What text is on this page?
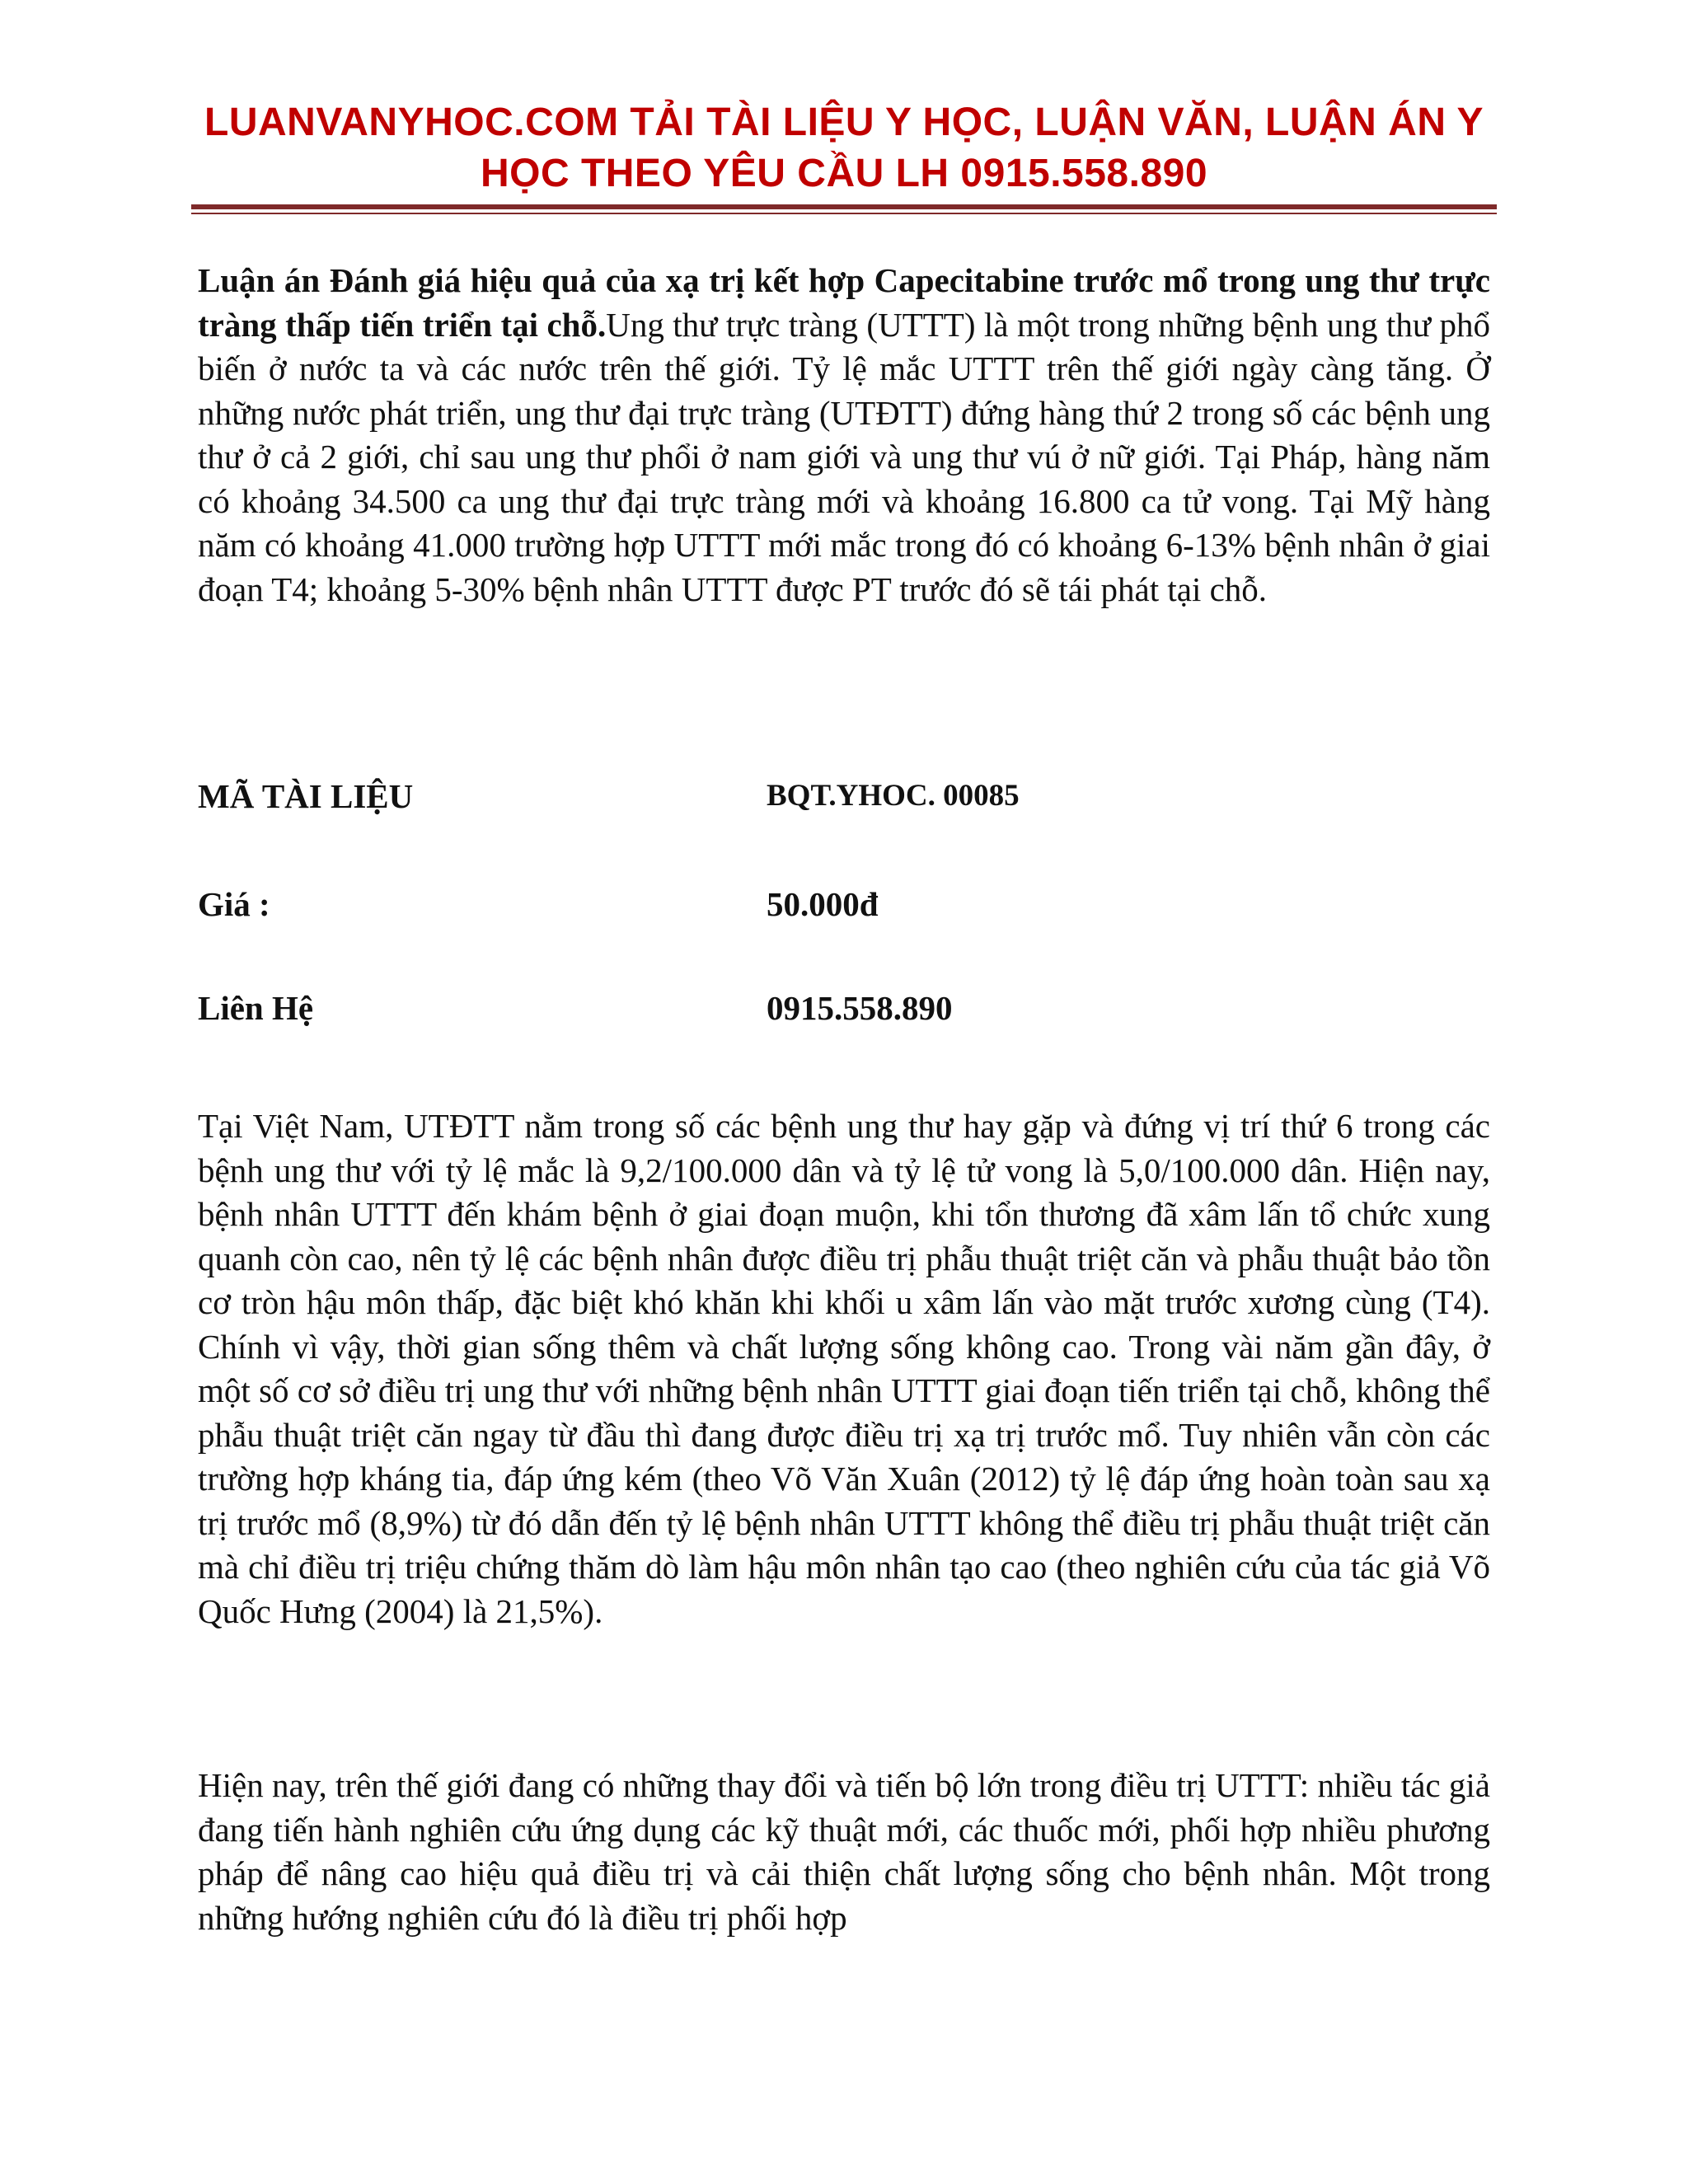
LUANVANYHOC.COM TẢI TÀI LIỆU Y HỌC, LUẬN VĂN, LUẬN ÁN Y
HỌC THEO YÊU CẦU LH 0915.558.890
Luận án Đánh giá hiệu quả của xạ trị kết hợp Capecitabine trước mổ trong ung thư trực tràng thấp tiến triển tại chỗ.Ung thư trực tràng (UTTT) là một trong những bệnh ung thư phổ biến ở nước ta và các nước trên thế giới. Tỷ lệ mắc UTTT trên thế giới ngày càng tăng. Ở những nước phát triển, ung thư đại trực tràng (UTĐTT) đứng hàng thứ 2 trong số các bệnh ung thư ở cả 2 giới, chỉ sau ung thư phổi ở nam giới và ung thư vú ở nữ giới. Tại Pháp, hàng năm có khoảng 34.500 ca ung thư đại trực tràng mới và khoảng 16.800 ca tử vong. Tại Mỹ hàng năm có khoảng 41.000 trường hợp UTTT mới mắc trong đó có khoảng 6-13% bệnh nhân ở giai đoạn T4; khoảng 5-30% bệnh nhân UTTT được PT trước đó sẽ tái phát tại chỗ.
MÃ TÀI LIỆU	BQT.YHOC. 00085
Giá :	50.000đ
Liên Hệ	0915.558.890
Tại Việt Nam, UTĐTT nằm trong số các bệnh ung thư hay gặp và đứng vị trí thứ 6 trong các bệnh ung thư với tỷ lệ mắc là 9,2/100.000 dân và tỷ lệ tử vong là 5,0/100.000 dân. Hiện nay, bệnh nhân UTTT đến khám bệnh ở giai đoạn muộn, khi tổn thương đã xâm lấn tổ chức xung quanh còn cao, nên tỷ lệ các bệnh nhân được điều trị phẫu thuật triệt căn và phẫu thuật bảo tồn cơ tròn hậu môn thấp, đặc biệt khó khăn khi khối u xâm lấn vào mặt trước xương cùng (T4). Chính vì vậy, thời gian sống thêm và chất lượng sống không cao. Trong vài năm gần đây, ở một số cơ sở điều trị ung thư với những bệnh nhân UTTT giai đoạn tiến triển tại chỗ, không thể phẫu thuật triệt căn ngay từ đầu thì đang được điều trị xạ trị trước mổ. Tuy nhiên vẫn còn các trường hợp kháng tia, đáp ứng kém (theo Võ Văn Xuân (2012) tỷ lệ đáp ứng hoàn toàn sau xạ trị trước mổ (8,9%) từ đó dẫn đến tỷ lệ bệnh nhân UTTT không thể điều trị phẫu thuật triệt căn mà chỉ điều trị triệu chứng thăm dò làm hậu môn nhân tạo cao (theo nghiên cứu của tác giả Võ Quốc Hưng (2004) là 21,5%).
Hiện nay, trên thế giới đang có những thay đổi và tiến bộ lớn trong điều trị UTTT: nhiều tác giả đang tiến hành nghiên cứu ứng dụng các kỹ thuật mới, các thuốc mới, phối hợp nhiều phương pháp để nâng cao hiệu quả điều trị và cải thiện chất lượng sống cho bệnh nhân. Một trong những hướng nghiên cứu đó là điều trị phối hợp
